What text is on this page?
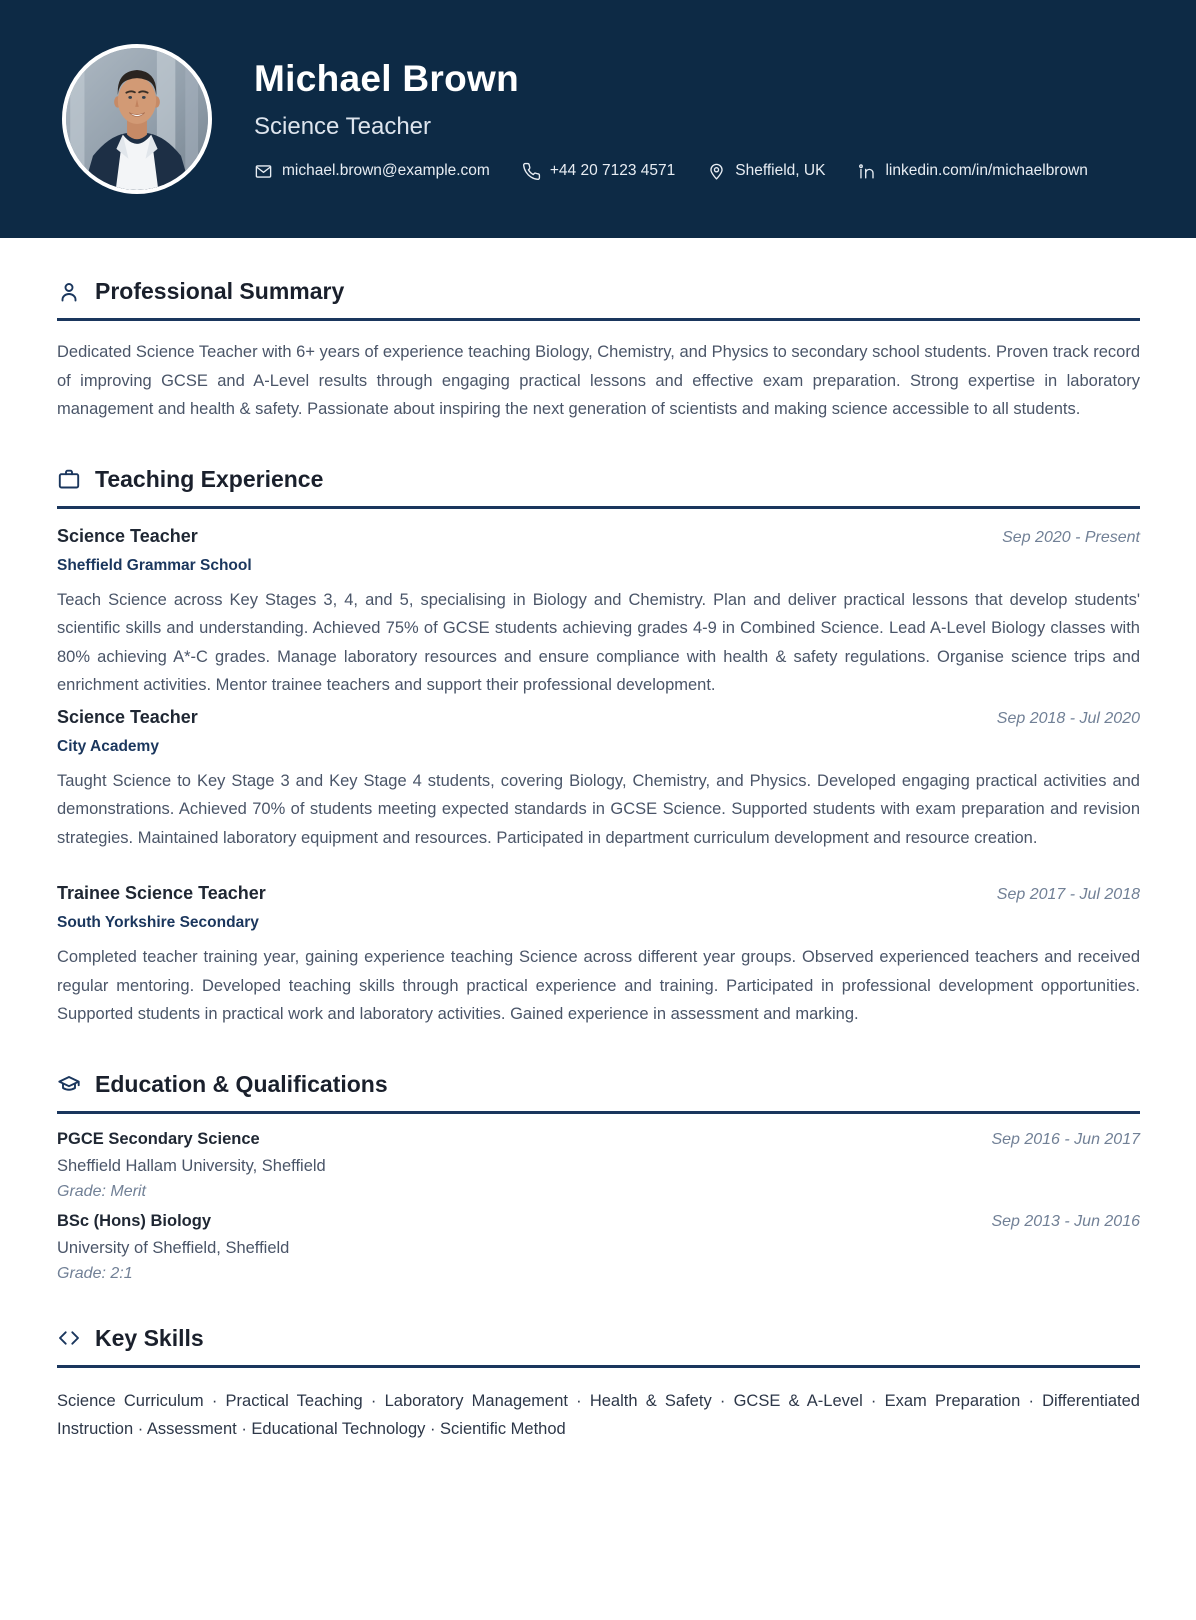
Michael Brown
Science Teacher
michael.brown@example.com	+44 20 7123 4571	Sheffield, UK	linkedin.com/in/michaelbrown
Professional Summary

Dedicated Science Teacher with 6+ years of experience teaching Biology, Chemistry, and Physics to secondary school students. Proven track record of improving GCSE and A-Level results through engaging practical lessons and effective exam preparation. Strong expertise in laboratory management and health & safety. Passionate about inspiring the next generation of scientists and making science accessible to all students.

Teaching Experience
Science Teacher	Sep 2020 - Present
Sheffield Grammar School

Teach Science across Key Stages 3, 4, and 5, specialising in Biology and Chemistry. Plan and deliver practical lessons that develop students' scientific skills and understanding. Achieved 75% of GCSE students achieving grades 4-9 in Combined Science. Lead A-Level Biology classes with 80% achieving A*-C grades. Manage laboratory resources and ensure compliance with health & safety regulations. Organise science trips and enrichment activities. Mentor trainee teachers and support their professional development.

Science Teacher	Sep 2018 - Jul 2020
City Academy

Taught Science to Key Stage 3 and Key Stage 4 students, covering Biology, Chemistry, and Physics. Developed engaging practical activities and demonstrations. Achieved 70% of students meeting expected standards in GCSE Science. Supported students with exam preparation and revision strategies. Maintained laboratory equipment and resources. Participated in department curriculum development and resource creation.

Trainee Science Teacher	Sep 2017 - Jul 2018
South Yorkshire Secondary

Completed teacher training year, gaining experience teaching Science across different year groups. Observed experienced teachers and received regular mentoring. Developed teaching skills through practical experience and training. Participated in professional development opportunities. Supported students in practical work and laboratory activities. Gained experience in assessment and marking.

Education & Qualifications
PGCE Secondary Science	Sep 2016 - Jun 2017
Sheffield Hallam University, Sheffield
Grade: Merit
BSc (Hons) Biology	Sep 2013 - Jun 2016
University of Sheffield, Sheffield
Grade: 2:1
Key Skills

Science Curriculum · Practical Teaching · Laboratory Management · Health & Safety · GCSE & A-Level · Exam Preparation · Differentiated Instruction · Assessment · Educational Technology · Scientific Method
